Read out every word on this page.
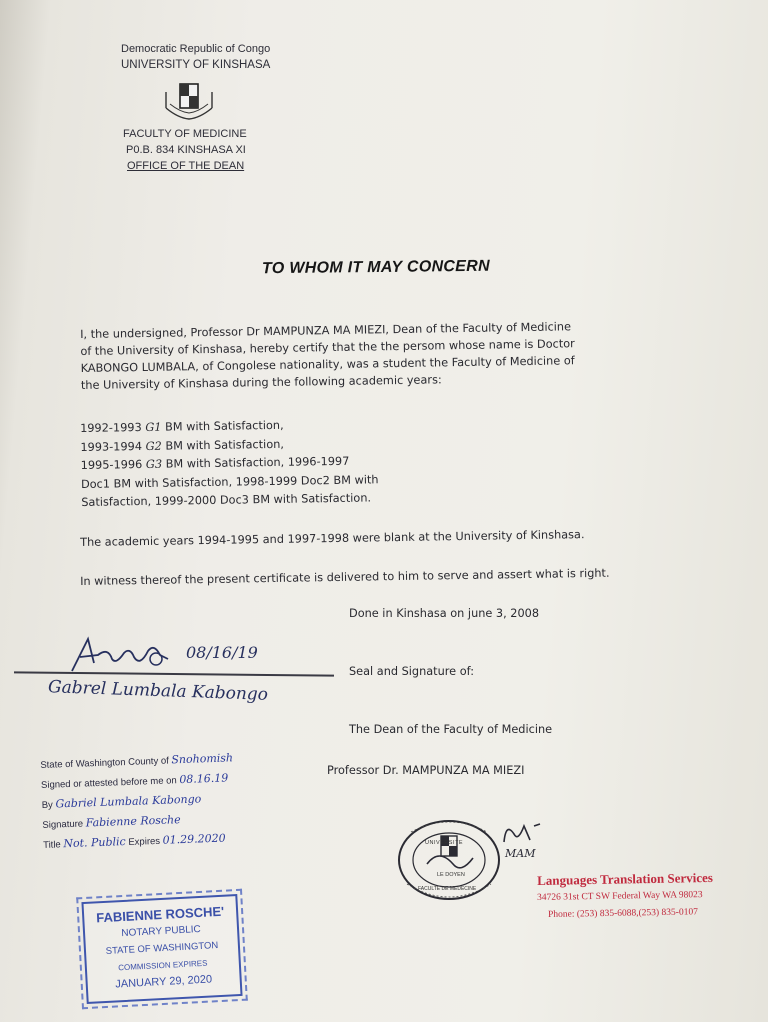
Democratic Republic of Congo
UNIVERSITY OF KINSHASA
FACULTY OF MEDICINE
P0.B. 834 KINSHASA XI
OFFICE OF THE DEAN
TO WHOM IT MAY CONCERN

I, the undersigned, Professor Dr MAMPUNZA MA MIEZI, Dean of the Faculty of Medicine

of the University of Kinshasa, hereby certify that the the persom whose name is Doctor

KABONGO LUMBALA, of Congolese nationality, was a student the Faculty of Medicine of

the University of Kinshasa during the following academic years:

1992-1993 G1 BM with Satisfaction,

1993-1994 G2 BM with Satisfaction,

1995-1996 G3 BM with Satisfaction, 1996-1997

Doc1 BM with Satisfaction, 1998-1999 Doc2 BM with

Satisfaction, 1999-2000 Doc3 BM with Satisfaction.

The academic years 1994-1995 and 1997-1998 were blank at the University of Kinshasa.
In witness thereof the present certificate is delivered to him to serve and assert what is right.
Done in Kinshasa on june 3, 2008
Seal and Signature of:
The Dean of the Faculty of Medicine
Professor Dr. MAMPUNZA MA MIEZI
08/16/19
Gabrel Lumbala Kabongo
State of Washington County of Snohomish
Signed or attested before me on 08.16.19
By Gabriel Lumbala Kabongo
Signature Fabienne Rosche
Title Not. Public Expires 01.29.2020
FABIENNE ROSCHE'
NOTARY PUBLIC
STATE OF WASHINGTON
COMMISSION EXPIRES
JANUARY 29, 2020
UNIVERSITE
LE DOYEN
FACULTE DE MEDECINE
MAM
Languages Translation Services
34726 31st CT SW Federal Way WA 98023
Phone: (253) 835-6088,(253) 835-0107
